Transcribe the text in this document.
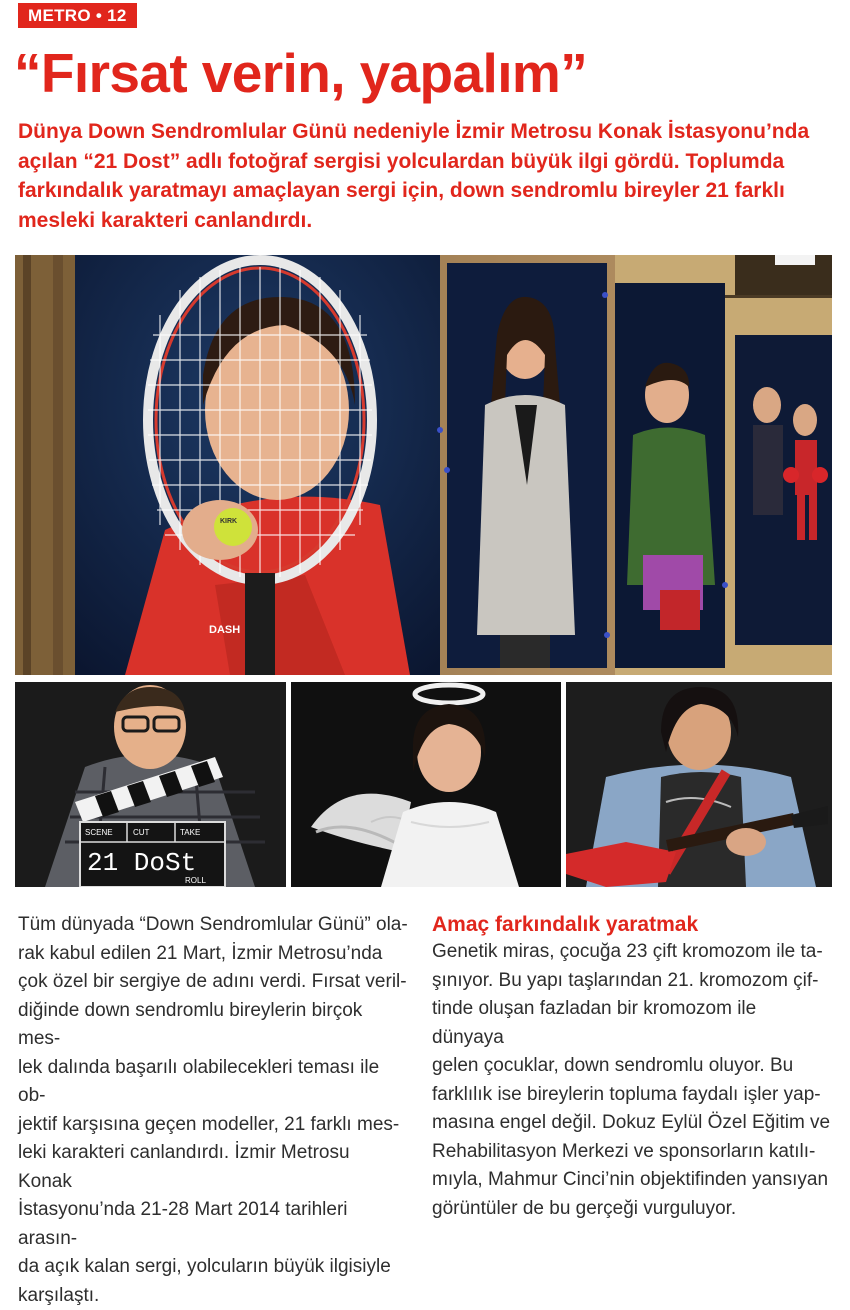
METRO • 12
“Fırsat verin, yapalım”

Dünya Down Sendromlular Günü nedeniyle İzmir Metrosu Konak İstasyonu’nda açılan “21 Dost” adlı fotoğraf sergisi yolculardan büyük ilgi gördü. Toplumda farkındalık yaratmayı amaçlayan sergi için, down sendromlu bireyler 21 farklı mesleki karakteri canlandırdı.

DASH
KIRK
SCENE	CUT	TAKE
21 DoSt
ROLL
Tüm dünyada “Down Sendromlular Günü” ola-
rak kabul edilen 21 Mart, İzmir Metrosu’nda
çok özel bir sergiye de adını verdi. Fırsat veril-
diğinde down sendromlu bireylerin birçok mes-
lek dalında başarılı olabilecekleri teması ile ob-
jektif karşısına geçen modeller, 21 farklı mes-
leki karakteri canlandırdı. İzmir Metrosu Konak
İstasyonu’nda 21-28 Mart 2014 tarihleri arasın-
da açık kalan sergi, yolcuların büyük ilgisiyle
karşılaştı.
Amaç farkındalık yaratmak
Genetik miras, çocuğa 23 çift kromozom ile ta-
şınıyor. Bu yapı taşlarından 21. kromozom çif-
tinde oluşan fazladan bir kromozom ile dünyaya
gelen çocuklar, down sendromlu oluyor. Bu
farklılık ise bireylerin topluma faydalı işler yap-
masına engel değil. Dokuz Eylül Özel Eğitim ve
Rehabilitasyon Merkezi ve sponsorların katılı-
mıyla, Mahmur Cinci’nin objektifinden yansıyan
görüntüler de bu gerçeği vurguluyor.
